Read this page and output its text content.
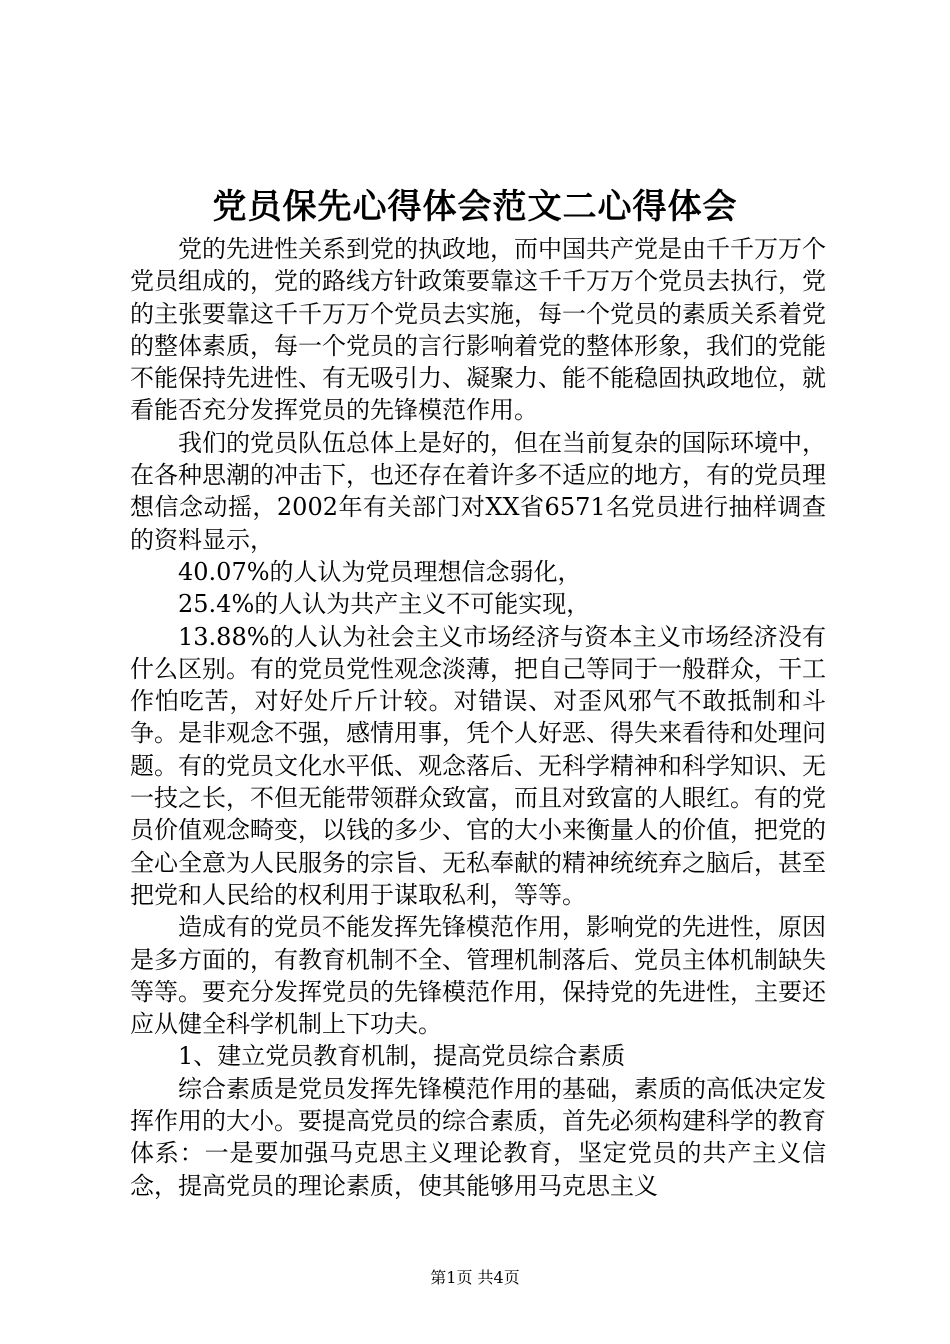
党员保先心得体会范文二心得体会

党的先进性关系到党的执政地，而中国共产党是由千千万万个党员组成的，党的路线方针政策要靠这千千万万个党员去执行，党的主张要靠这千千万万个党员去实施，每一个党员的素质关系着党的整体素质，每一个党员的言行影响着党的整体形象，我们的党能不能保持先进性、有无吸引力、凝聚力、能不能稳固执政地位，就看能否充分发挥党员的先锋模范作用。

我们的党员队伍总体上是好的，但在当前复杂的国际环境中，在各种思潮的冲击下，也还存在着许多不适应的地方，有的党员理想信念动摇，2002年有关部门对XX省6571名党员进行抽样调查的资料显示，

40.07%的人认为党员理想信念弱化，

25.4%的人认为共产主义不可能实现，

13.88%的人认为社会主义市场经济与资本主义市场经济没有什么区别。有的党员党性观念淡薄，把自己等同于一般群众，干工作怕吃苦，对好处斤斤计较。对错误、对歪风邪气不敢抵制和斗争。是非观念不强，感情用事，凭个人好恶、得失来看待和处理问题。有的党员文化水平低、观念落后、无科学精神和科学知识、无一技之长，不但无能带领群众致富，而且对致富的人眼红。有的党员价值观念畸变，以钱的多少、官的大小来衡量人的价值，把党的全心全意为人民服务的宗旨、无私奉献的精神统统弃之脑后，甚至把党和人民给的权利用于谋取私利，等等。

造成有的党员不能发挥先锋模范作用，影响党的先进性，原因是多方面的，有教育机制不全、管理机制落后、党员主体机制缺失等等。要充分发挥党员的先锋模范作用，保持党的先进性，主要还应从健全科学机制上下功夫。

1、建立党员教育机制，提高党员综合素质

综合素质是党员发挥先锋模范作用的基础，素质的高低决定发挥作用的大小。要提高党员的综合素质，首先必须构建科学的教育体系：一是要加强马克思主义理论教育，坚定党员的共产主义信念，提高党员的理论素质，使其能够用马克思主义

第1页 共4页
